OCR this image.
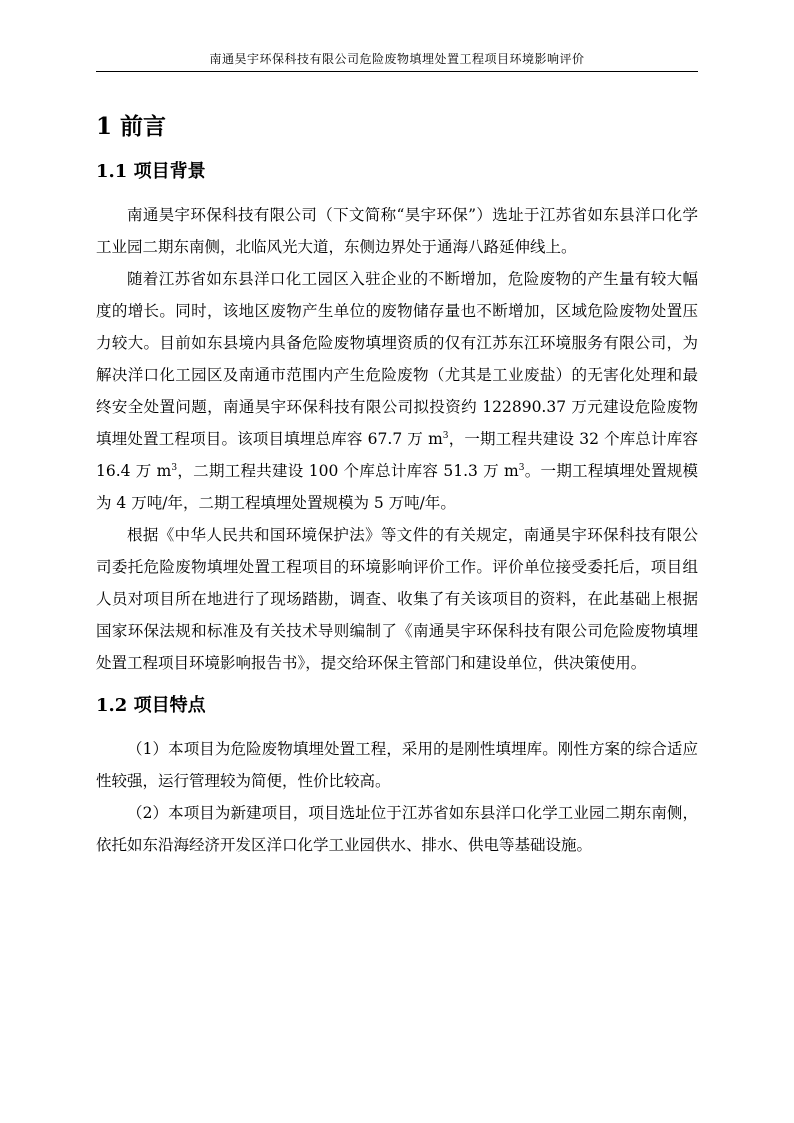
南通昊宇环保科技有限公司危险废物填埋处置工程项目环境影响评价
1 前言
1.1 项目背景

南通昊宇环保科技有限公司（下文简称“昊宇环保”）选址于江苏省如东县洋口化学工业园二期东南侧，北临风光大道，东侧边界处于通海八路延伸线上。

随着江苏省如东县洋口化工园区入驻企业的不断增加，危险废物的产生量有较大幅度的增长。同时，该地区废物产生单位的废物储存量也不断增加，区域危险废物处置压力较大。目前如东县境内具备危险废物填埋资质的仅有江苏东江环境服务有限公司，为解决洋口化工园区及南通市范围内产生危险废物（尤其是工业废盐）的无害化处理和最终安全处置问题，南通昊宇环保科技有限公司拟投资约 122890.37 万元建设危险废物填埋处置工程项目。该项目填埋总库容 67.7 万 $m^3$，一期工程共建设 32 个库总计库容 16.4 万 $m^3$，二期工程共建设 100 个库总计库容 51.3 万 $m^3$。一期工程填埋处置规模为 4 万吨/年，二期工程填埋处置规模为 5 万吨/年。

根据《中华人民共和国环境保护法》等文件的有关规定，南通昊宇环保科技有限公司委托危险废物填埋处置工程项目的环境影响评价工作。评价单位接受委托后，项目组人员对项目所在地进行了现场踏勘，调查、收集了有关该项目的资料，在此基础上根据国家环保法规和标准及有关技术导则编制了《南通昊宇环保科技有限公司危险废物填埋处置工程项目环境影响报告书》，提交给环保主管部门和建设单位，供决策使用。

1.2 项目特点

（1）本项目为危险废物填埋处置工程，采用的是刚性填埋库。刚性方案的综合适应性较强，运行管理较为简便，性价比较高。

（2）本项目为新建项目，项目选址位于江苏省如东县洋口化学工业园二期东南侧，依托如东沿海经济开发区洋口化学工业园供水、排水、供电等基础设施。
